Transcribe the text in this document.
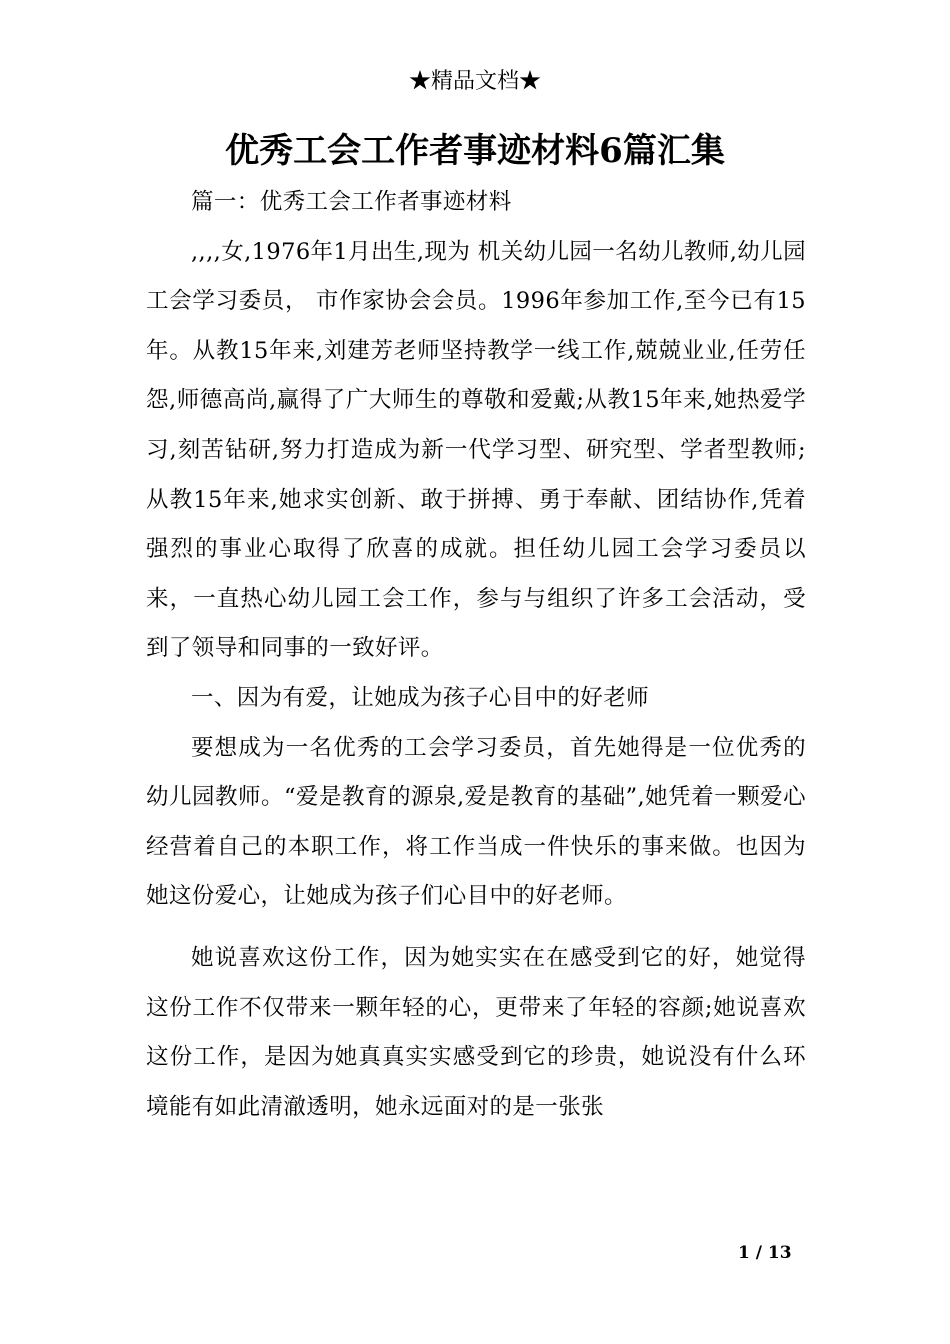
★精品文档★
优秀工会工作者事迹材料6篇汇集

篇一：优秀工会工作者事迹材料

,,,,女,1976年1月出生,现为 机关幼儿园一名幼儿教师,幼儿园工会学习委员， 市作家协会会员。1996年参加工作,至今已有15年。从教15年来,刘建芳老师坚持教学一线工作,兢兢业业,任劳任怨,师德高尚,赢得了广大师生的尊敬和爱戴;从教15年来,她热爱学习,刻苦钻研,努力打造成为新一代学习型、研究型、学者型教师;从教15年来,她求实创新、敢于拼搏、勇于奉献、团结协作,凭着强烈的事业心取得了欣喜的成就。担任幼儿园工会学习委员以来，一直热心幼儿园工会工作，参与与组织了许多工会活动，受到了领导和同事的一致好评。

一、因为有爱，让她成为孩子心目中的好老师

要想成为一名优秀的工会学习委员，首先她得是一位优秀的幼儿园教师。“爱是教育的源泉,爱是教育的基础”,她凭着一颗爱心经营着自己的本职工作，将工作当成一件快乐的事来做。也因为她这份爱心，让她成为孩子们心目中的好老师。

她说喜欢这份工作，因为她实实在在感受到它的好，她觉得这份工作不仅带来一颗年轻的心，更带来了年轻的容颜;她说喜欢这份工作，是因为她真真实实感受到它的珍贵，她说没有什么环境能有如此清澈透明，她永远面对的是一张张

1 / 13
